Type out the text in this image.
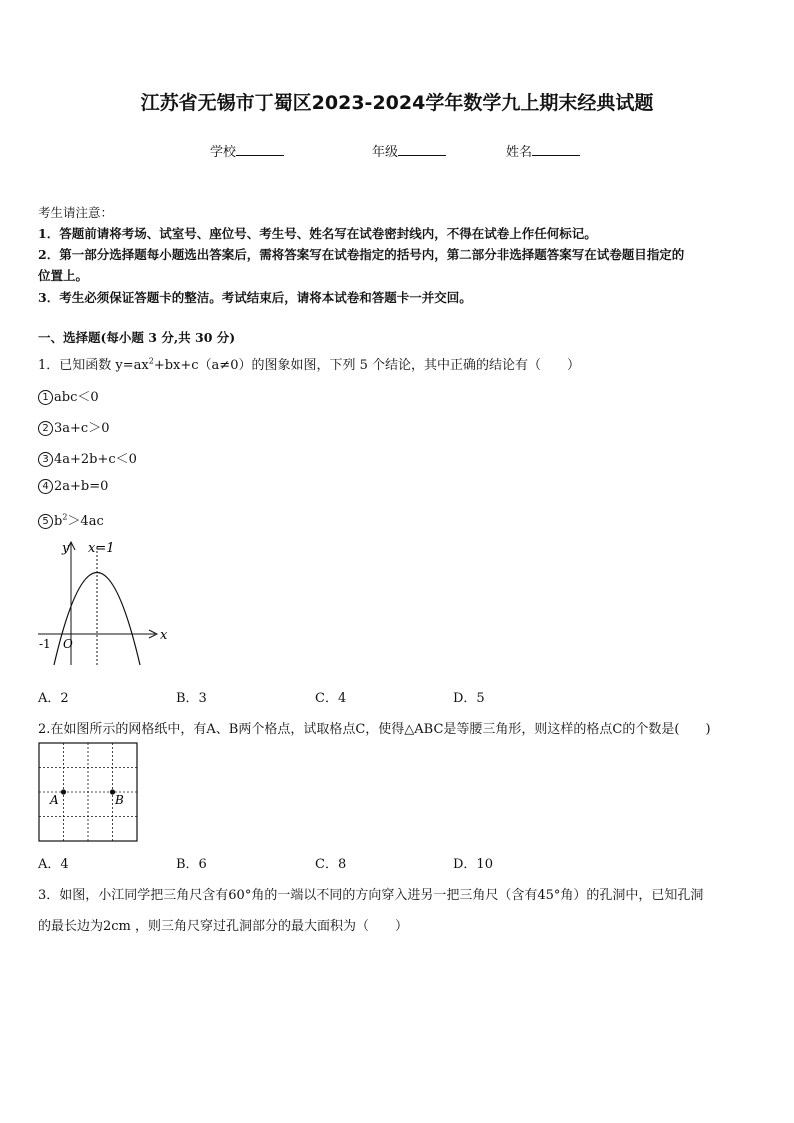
江苏省无锡市丁蜀区2023-2024学年数学九上期末经典试题
学校	年级	姓名
考生请注意：
1．答题前请将考场、试室号、座位号、考生号、姓名写在试卷密封线内，不得在试卷上作任何标记。
2．第一部分选择题每小题选出答案后，需将答案写在试卷指定的括号内，第二部分非选择题答案写在试卷题目指定的
位置上。
3．考生必须保证答题卡的整洁。考试结束后，请将本试卷和答题卡一并交回。
一、选择题(每小题 3 分,共 30 分)
1．已知函数 $y=ax^2+bx+c(a\ne 0)$的图象如图，下列 5 个结论，其中正确的结论有（　　）
1 abc＜0
2 3a+c＞0
3 4a+2b+c＜0
4 2a+b=0
5 $b^2>4ac$
y
x
x=1
-1 O
A．2	B．3	C．4	D．5
2.在如图所示的网格纸中，有A、B两个格点，试取格点C，使得△ABC是等腰三角形，则这样的格点C的个数是(　　)
A	B
A．4	B．6	C．8	D．10
3．如图，小江同学把三角尺含有60°角的一端以不同的方向穿入进另一把三角尺（含有45°角）的孔洞中，已知孔洞
的最长边为2cm ，则三角尺穿过孔洞部分的最大面积为（　　）
